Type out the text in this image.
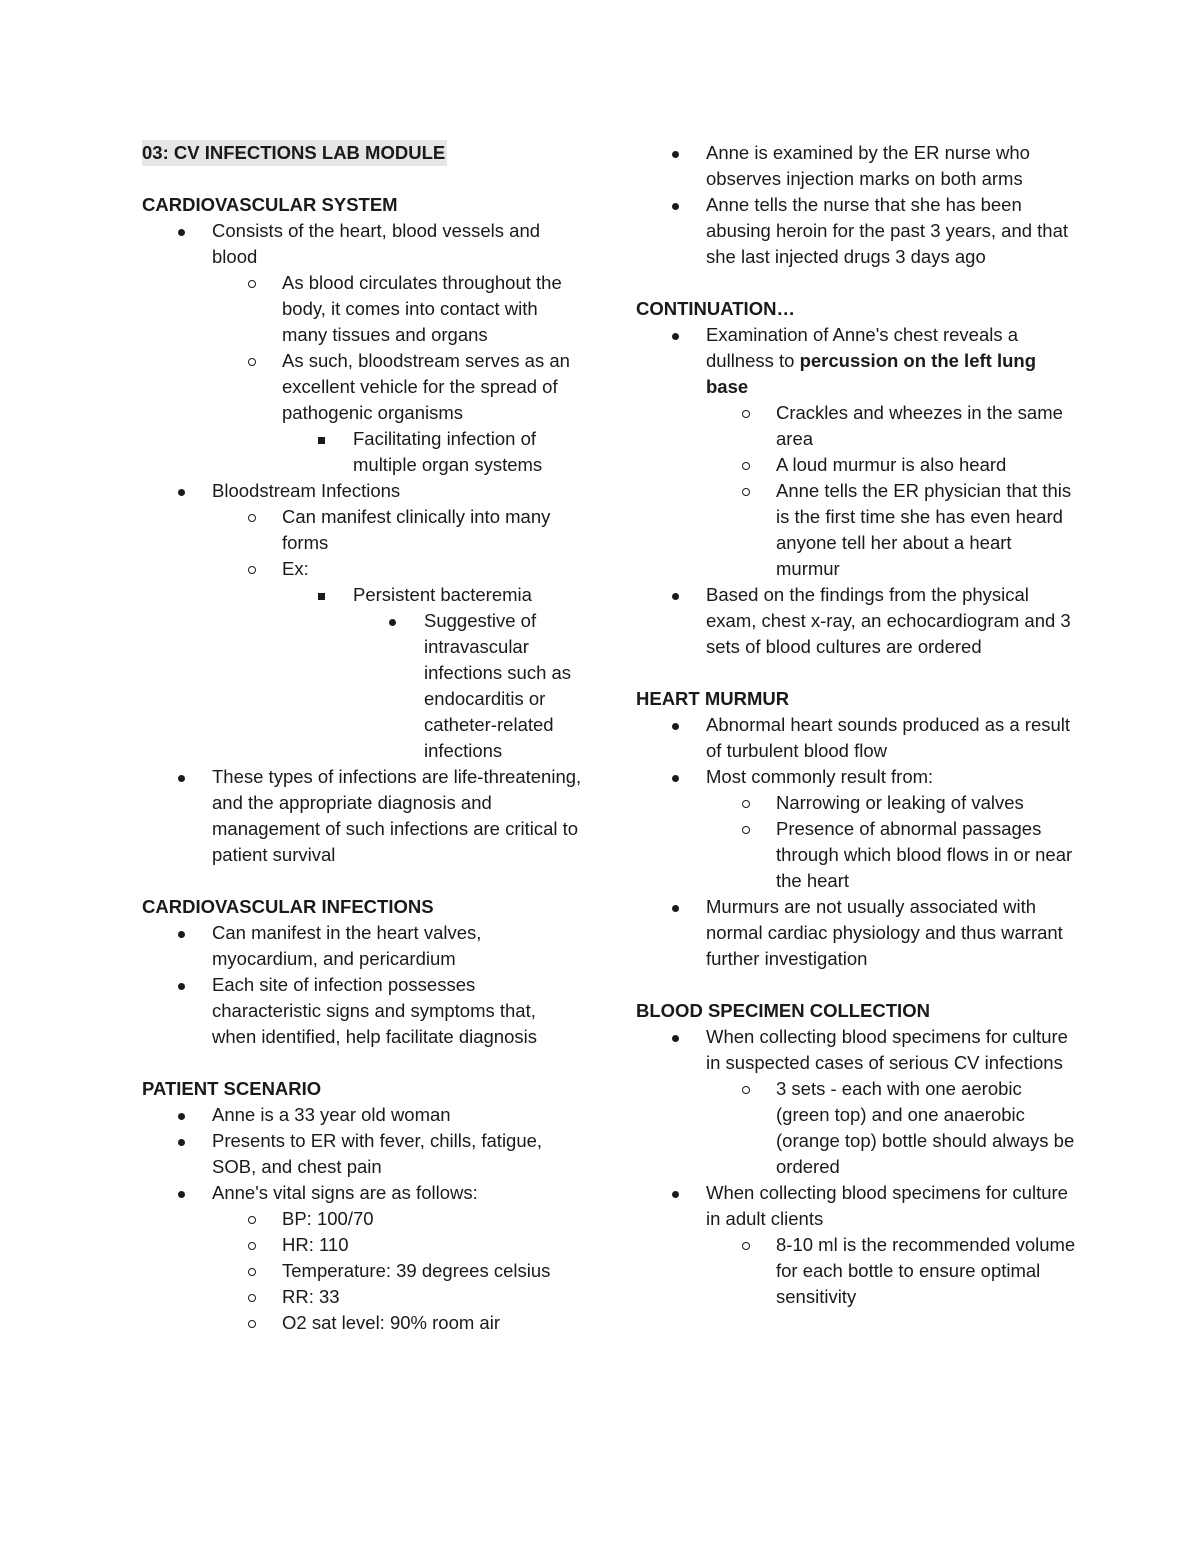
03: CV INFECTIONS LAB MODULE
CARDIOVASCULAR SYSTEM
Consists of the heart, blood vessels and blood
As blood circulates throughout the body, it comes into contact with many tissues and organs
As such, bloodstream serves as an excellent vehicle for the spread of pathogenic organisms
Facilitating infection of multiple organ systems
Bloodstream Infections
Can manifest clinically into many forms
Ex:
Persistent bacteremia
Suggestive of intravascular infections such as endocarditis or catheter-related infections
These types of infections are life-threatening, and the appropriate diagnosis and management of such infections are critical to patient survival
CARDIOVASCULAR INFECTIONS
Can manifest in the heart valves, myocardium, and pericardium
Each site of infection possesses characteristic signs and symptoms that, when identified, help facilitate diagnosis
PATIENT SCENARIO
Anne is a 33 year old woman
Presents to ER with fever, chills, fatigue, SOB, and chest pain
Anne's vital signs are as follows:
BP: 100/70
HR: 110
Temperature: 39 degrees celsius
RR: 33
O2 sat level: 90% room air
Anne is examined by the ER nurse who observes injection marks on both arms
Anne tells the nurse that she has been abusing heroin for the past 3 years, and that she last injected drugs 3 days ago
CONTINUATION…
Examination of Anne's chest reveals a dullness to percussion on the left lung base
Crackles and wheezes in the same area
A loud murmur is also heard
Anne tells the ER physician that this is the first time she has even heard anyone tell her about a heart murmur
Based on the findings from the physical exam, chest x-ray, an echocardiogram and 3 sets of blood cultures are ordered
HEART MURMUR
Abnormal heart sounds produced as a result of turbulent blood flow
Most commonly result from:
Narrowing or leaking of valves
Presence of abnormal passages through which blood flows in or near the heart
Murmurs are not usually associated with normal cardiac physiology and thus warrant further investigation
BLOOD SPECIMEN COLLECTION
When collecting blood specimens for culture in suspected cases of serious CV infections
3 sets - each with one aerobic (green top) and one anaerobic (orange top) bottle should always be ordered
When collecting blood specimens for culture in adult clients
8-10 ml is the recommended volume for each bottle to ensure optimal sensitivity
